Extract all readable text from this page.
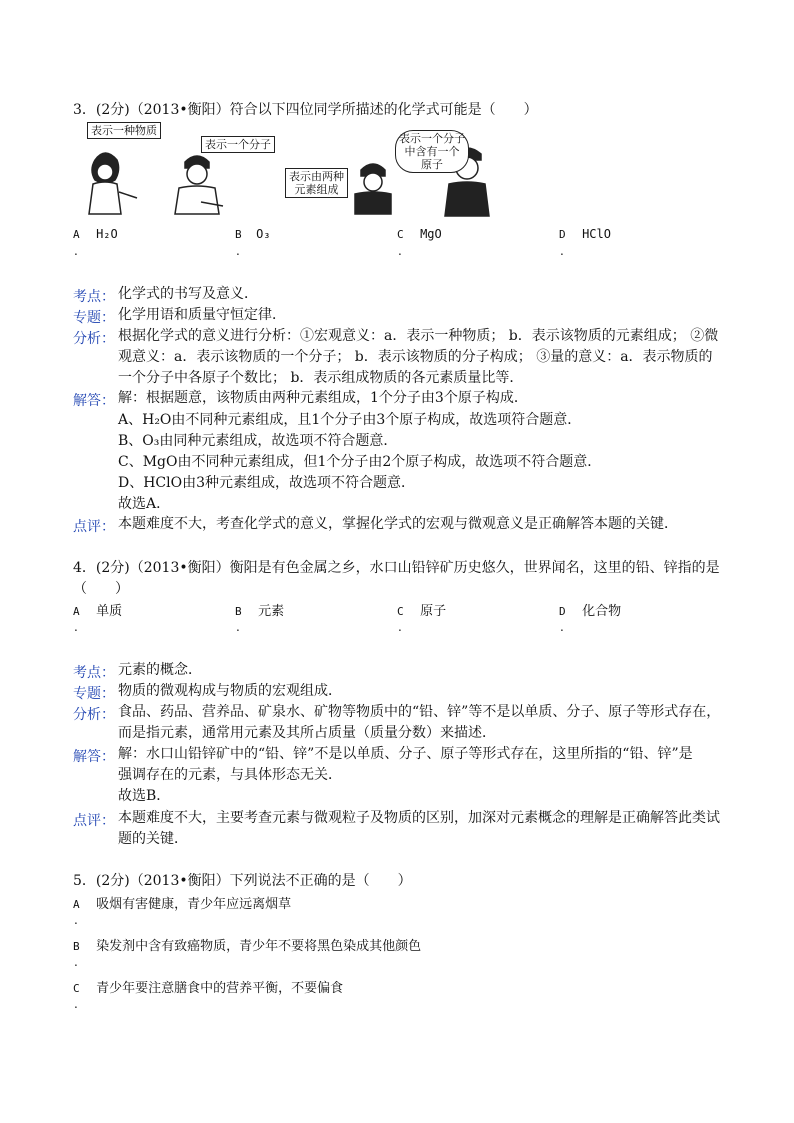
3．(2分)（2013•衡阳）符合以下四位同学所描述的化学式可能是（　　）
表示一种物质
表示一个分子
表示由两种
元素组成
表示一个分子
中含有一个
原子
A H₂O	B O₃	C MgO	D HClO
.	.	.	.
考点： 化学式的书写及意义．
专题： 化学用语和质量守恒定律．
分析： 根据化学式的意义进行分析：①宏观意义：a．表示一种物质； b．表示该物质的元素组成； ②微
观意义：a．表示该物质的一个分子； b．表示该物质的分子构成； ③量的意义：a．表示物质的
一个分子中各原子个数比； b．表示组成物质的各元素质量比等．
解答： 解：根据题意，该物质由两种元素组成，1个分子由3个原子构成．
A、H₂O由不同种元素组成，且1个分子由3个原子构成，故选项符合题意．
B、O₃由同种元素组成，故选项不符合题意．
C、MgO由不同种元素组成，但1个分子由2个原子构成，故选项不符合题意．
D、HClO由3种元素组成，故选项不符合题意．
故选A．
点评： 本题难度不大，考查化学式的意义，掌握化学式的宏观与微观意义是正确解答本题的关键．
4．(2分)（2013•衡阳）衡阳是有色金属之乡，水口山铅锌矿历史悠久，世界闻名，这里的铅、锌指的是
（　　）
A 单质	B 元素	C 原子	D 化合物
.	.	.	.
考点： 元素的概念．
专题： 物质的微观构成与物质的宏观组成．
分析： 食品、药品、营养品、矿泉水、矿物等物质中的“铅、锌”等不是以单质、分子、原子等形式存在，
而是指元素，通常用元素及其所占质量（质量分数）来描述．
解答： 解：水口山铅锌矿中的“铅、锌”不是以单质、分子、原子等形式存在，这里所指的“铅、锌”是
强调存在的元素，与具体形态无关．
故选B．
点评： 本题难度不大，主要考查元素与微观粒子及物质的区别，加深对元素概念的理解是正确解答此类试
题的关键．
5．(2分)（2013•衡阳）下列说法不正确的是（　　）
A 吸烟有害健康，青少年应远离烟草
.
B 染发剂中含有致癌物质，青少年不要将黑色染成其他颜色
.
C 青少年要注意膳食中的营养平衡，不要偏食
.
